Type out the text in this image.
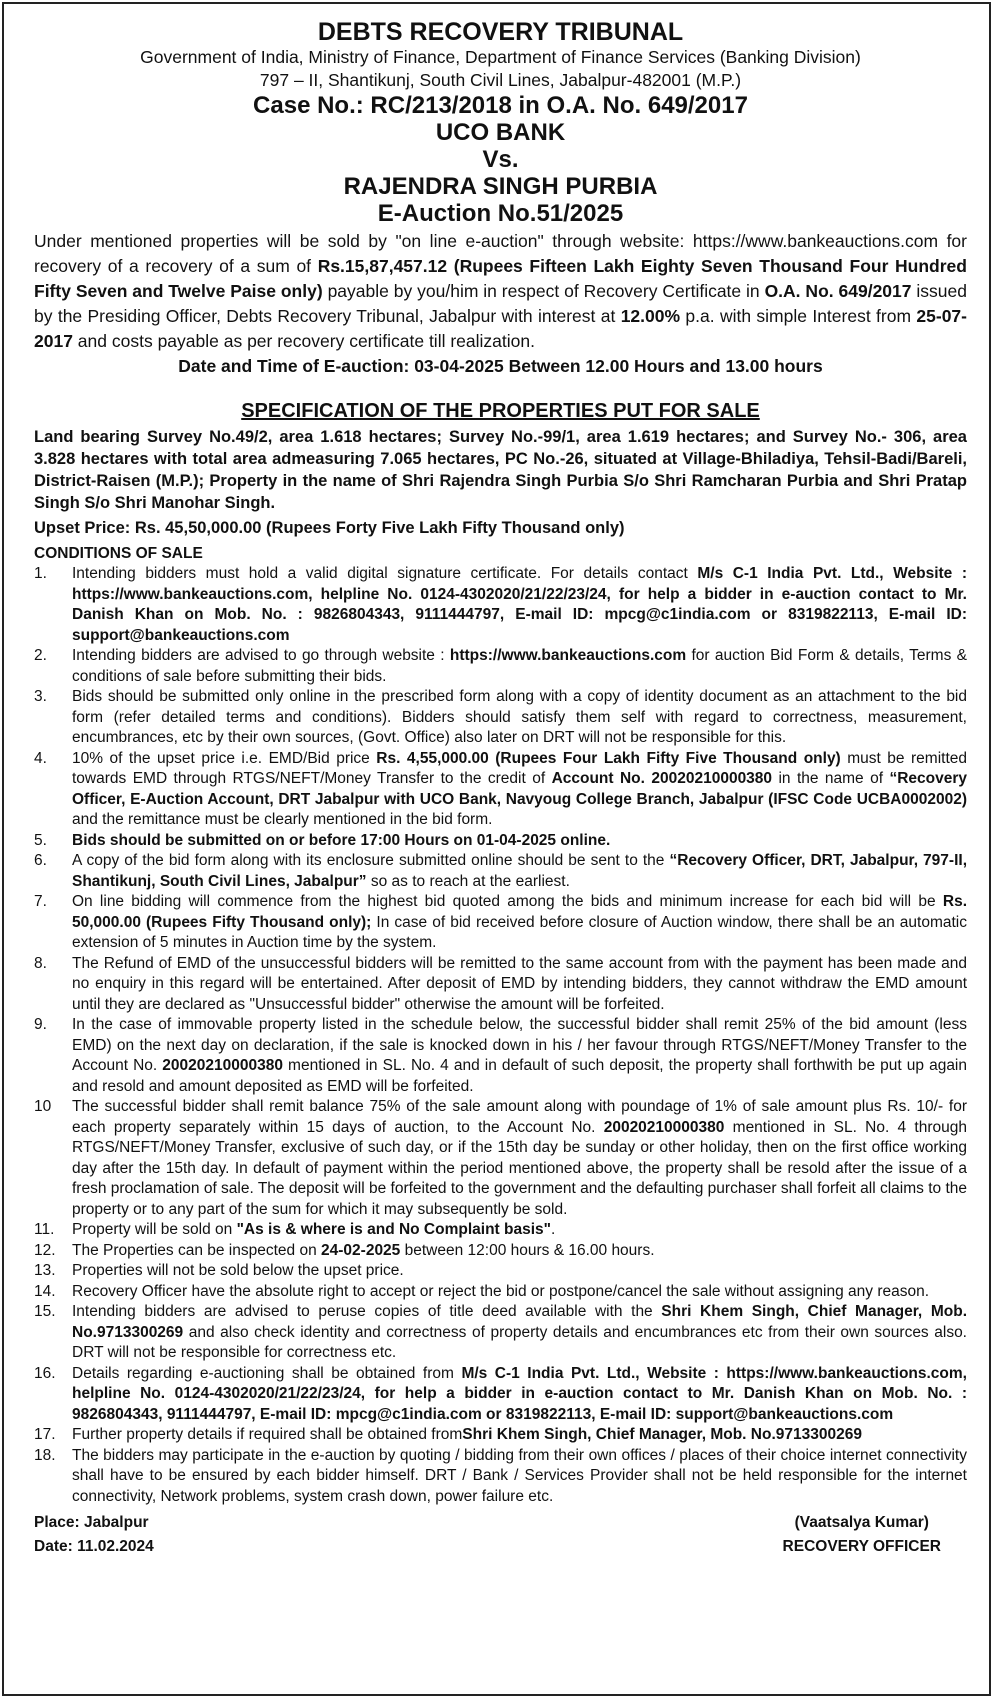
DEBTS RECOVERY TRIBUNAL
Government of India, Ministry of Finance, Department of Finance Services (Banking Division)
797 – II, Shantikunj, South Civil Lines, Jabalpur-482001 (M.P.)
Case No.: RC/213/2018 in O.A. No. 649/2017
UCO BANK
Vs.
RAJENDRA SINGH PURBIA
E-Auction No.51/2025
Under mentioned properties will be sold by "on line e-auction" through website: https://www.bankeauctions.com for recovery of a recovery of a sum of Rs.15,87,457.12 (Rupees Fifteen Lakh Eighty Seven Thousand Four Hundred Fifty Seven and Twelve Paise only) payable by you/him in respect of Recovery Certificate in O.A. No. 649/2017 issued by the Presiding Officer, Debts Recovery Tribunal, Jabalpur with interest at 12.00% p.a. with simple Interest from 25-07-2017 and costs payable as per recovery certificate till realization.
Date and Time of E-auction: 03-04-2025 Between 12.00 Hours and 13.00 hours
SPECIFICATION OF THE PROPERTIES PUT FOR SALE
Land bearing Survey No.49/2, area 1.618 hectares; Survey No.-99/1, area 1.619 hectares; and Survey No.- 306, area 3.828 hectares with total area admeasuring 7.065 hectares, PC No.-26, situated at Village-Bhiladiya, Tehsil-Badi/Bareli, District-Raisen (M.P.); Property in the name of Shri Rajendra Singh Purbia S/o Shri Ramcharan Purbia and Shri Pratap Singh S/o Shri Manohar Singh.
Upset Price: Rs. 45,50,000.00 (Rupees Forty Five Lakh Fifty Thousand only)
CONDITIONS OF SALE
1.	Intending bidders must hold a valid digital signature certificate. For details contact M/s C-1 India Pvt. Ltd., Website : https://www.bankeauctions.com, helpline No. 0124-4302020/21/22/23/24, for help a bidder in e-auction contact to Mr. Danish Khan on Mob. No. : 9826804343, 9111444797, E-mail ID: mpcg@c1india.com or 8319822113, E-mail ID: support@bankeauctions.com
2.	Intending bidders are advised to go through website : https://www.bankeauctions.com for auction Bid Form & details, Terms & conditions of sale before submitting their bids.
3.	Bids should be submitted only online in the prescribed form along with a copy of identity document as an attachment to the bid form (refer detailed terms and conditions). Bidders should satisfy them self with regard to correctness, measurement, encumbrances, etc by their own sources, (Govt. Office) also later on DRT will not be responsible for this.
4.	10% of the upset price i.e. EMD/Bid price Rs. 4,55,000.00 (Rupees Four Lakh Fifty Five Thousand only) must be remitted towards EMD through RTGS/NEFT/Money Transfer to the credit of Account No. 20020210000380 in the name of “Recovery Officer, E-Auction Account, DRT Jabalpur with UCO Bank, Navyoug College Branch, Jabalpur (IFSC Code UCBA0002002) and the remittance must be clearly mentioned in the bid form.
5.	Bids should be submitted on or before 17:00 Hours on 01-04-2025 online.
6.	A copy of the bid form along with its enclosure submitted online should be sent to the “Recovery Officer, DRT, Jabalpur, 797-II, Shantikunj, South Civil Lines, Jabalpur” so as to reach at the earliest.
7.	On line bidding will commence from the highest bid quoted among the bids and minimum increase for each bid will be Rs. 50,000.00 (Rupees Fifty Thousand only); In case of bid received before closure of Auction window, there shall be an automatic extension of 5 minutes in Auction time by the system.
8.	The Refund of EMD of the unsuccessful bidders will be remitted to the same account from with the payment has been made and no enquiry in this regard will be entertained. After deposit of EMD by intending bidders, they cannot withdraw the EMD amount until they are declared as "Unsuccessful bidder" otherwise the amount will be forfeited.
9.	In the case of immovable property listed in the schedule below, the successful bidder shall remit 25% of the bid amount (less EMD) on the next day on declaration, if the sale is knocked down in his / her favour through RTGS/NEFT/Money Transfer to the Account No. 20020210000380 mentioned in SL. No. 4 and in default of such deposit, the property shall forthwith be put up again and resold and amount deposited as EMD will be forfeited.
10	The successful bidder shall remit balance 75% of the sale amount along with poundage of 1% of sale amount plus Rs. 10/- for each property separately within 15 days of auction, to the Account No. 20020210000380 mentioned in SL. No. 4 through RTGS/NEFT/Money Transfer, exclusive of such day, or if the 15th day be sunday or other holiday, then on the first office working day after the 15th day. In default of payment within the period mentioned above, the property shall be resold after the issue of a fresh proclamation of sale. The deposit will be forfeited to the government and the defaulting purchaser shall forfeit all claims to the property or to any part of the sum for which it may subsequently be sold.
11.	Property will be sold on "As is & where is and No Complaint basis".
12.	The Properties can be inspected on 24-02-2025 between 12:00 hours & 16.00 hours.
13.	Properties will not be sold below the upset price.
14.	Recovery Officer have the absolute right to accept or reject the bid or postpone/cancel the sale without assigning any reason.
15.	Intending bidders are advised to peruse copies of title deed available with the Shri Khem Singh, Chief Manager, Mob. No.9713300269 and also check identity and correctness of property details and encumbrances etc from their own sources also. DRT will not be responsible for correctness etc.
16.	Details regarding e-auctioning shall be obtained from M/s C-1 India Pvt. Ltd., Website : https://www.bankeauctions.com, helpline No. 0124-4302020/21/22/23/24, for help a bidder in e-auction contact to Mr. Danish Khan on Mob. No. : 9826804343, 9111444797, E-mail ID: mpcg@c1india.com or 8319822113, E-mail ID: support@bankeauctions.com
17.	Further property details if required shall be obtained fromShri Khem Singh, Chief Manager, Mob. No.9713300269
18.	The bidders may participate in the e-auction by quoting / bidding from their own offices / places of their choice internet connectivity shall have to be ensured by each bidder himself. DRT / Bank / Services Provider shall not be held responsible for the internet connectivity, Network problems, system crash down, power failure etc.
Place: Jabalpur
Date: 11.02.2024
(Vaatsalya Kumar)
RECOVERY OFFICER
